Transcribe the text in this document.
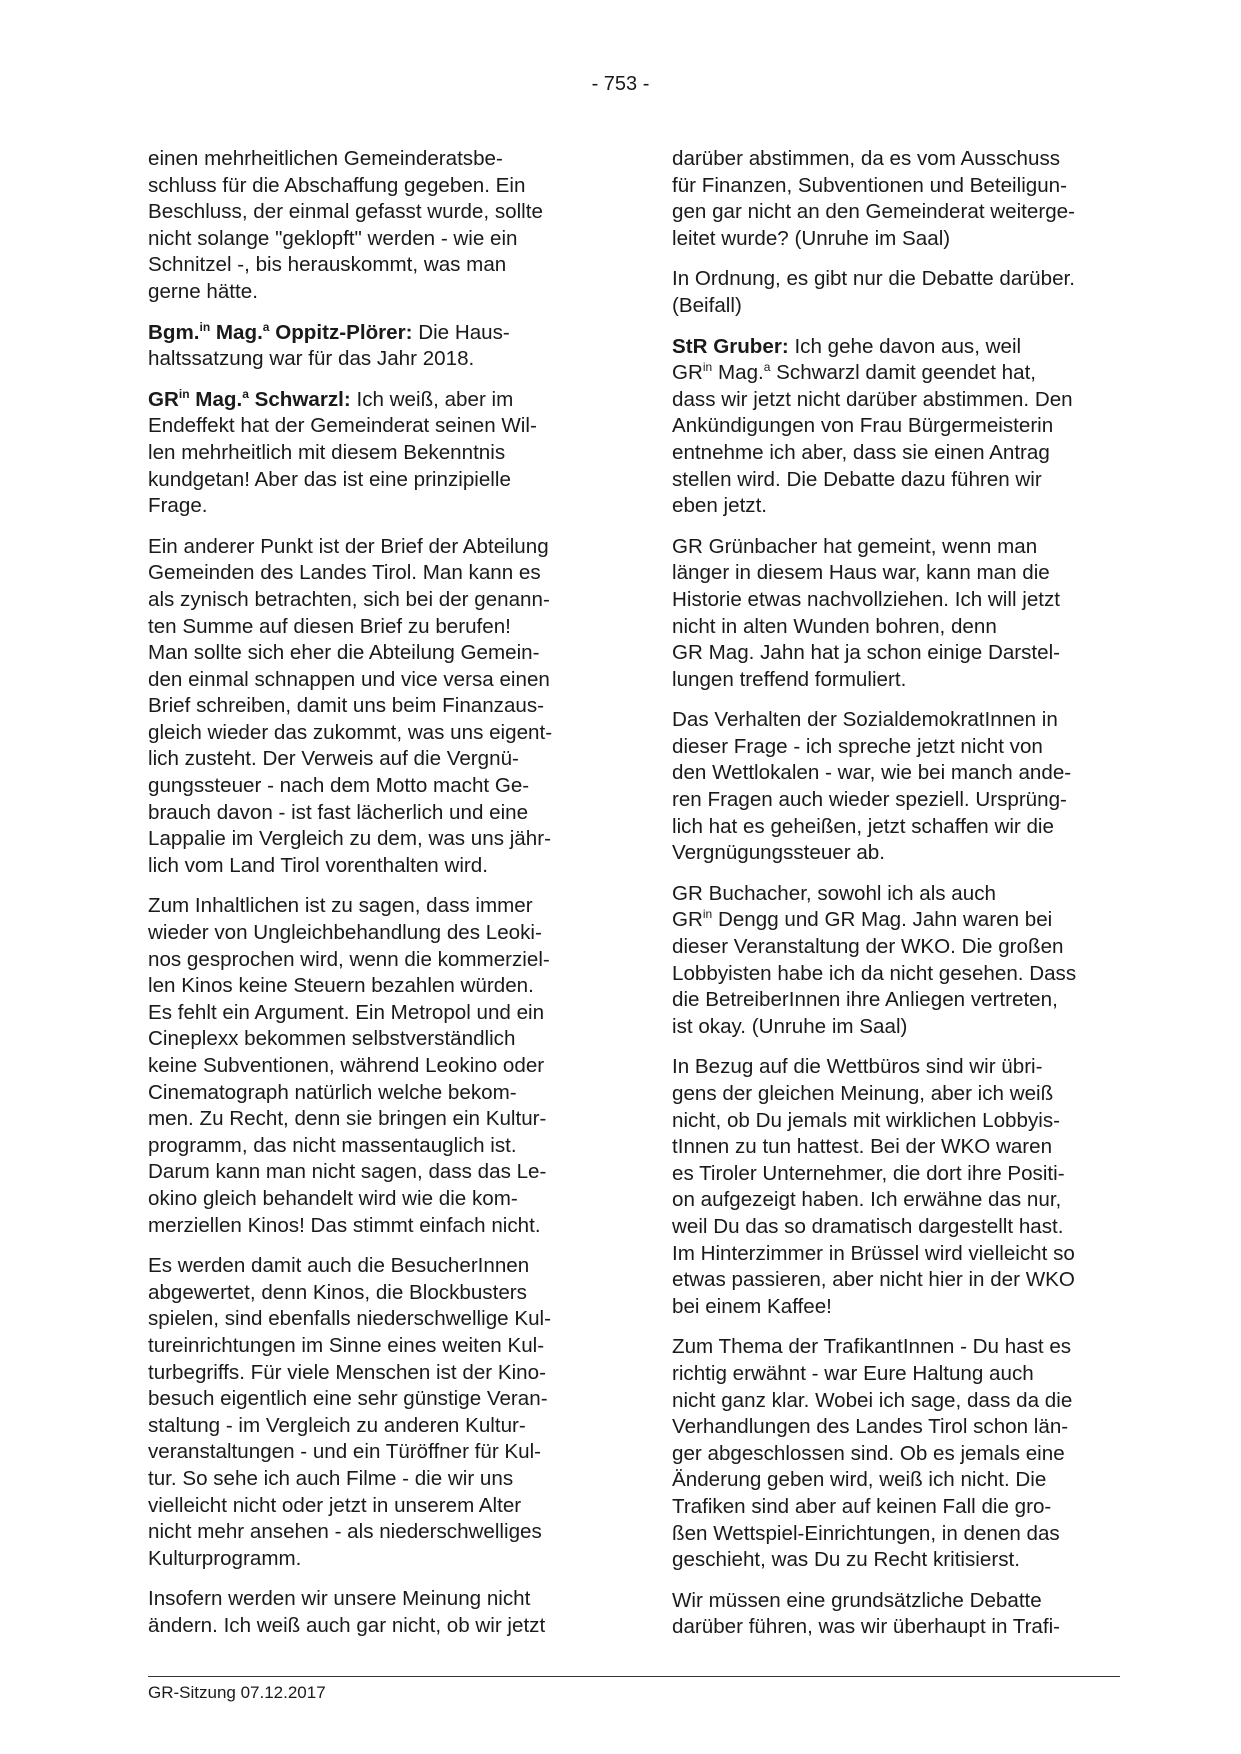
- 753 -

einen mehrheitlichen Gemeinderatsbe-
schluss für die Abschaffung gegeben. Ein
Beschluss, der einmal gefasst wurde, sollte
nicht solange "geklopft" werden - wie ein
Schnitzel -, bis herauskommt, was man
gerne hätte.

Bgm.$^{in}$ Mag.$^a$ Oppitz-Plörer: Die Haus-
haltssatzung war für das Jahr 2018.

$GR^{in}$ Mag.$^a$ Schwarzl: Ich weiß, aber im
Endeffekt hat der Gemeinderat seinen Wil-
len mehrheitlich mit diesem Bekenntnis
kundgetan! Aber das ist eine prinzipielle
Frage.

Ein anderer Punkt ist der Brief der Abteilung
Gemeinden des Landes Tirol. Man kann es
als zynisch betrachten, sich bei der genann-
ten Summe auf diesen Brief zu berufen!
Man sollte sich eher die Abteilung Gemein-
den einmal schnappen und vice versa einen
Brief schreiben, damit uns beim Finanzaus-
gleich wieder das zukommt, was uns eigent-
lich zusteht. Der Verweis auf die Vergnü-
gungssteuer - nach dem Motto macht Ge-
brauch davon - ist fast lächerlich und eine
Lappalie im Vergleich zu dem, was uns jähr-
lich vom Land Tirol vorenthalten wird.

Zum Inhaltlichen ist zu sagen, dass immer
wieder von Ungleichbehandlung des Leoki-
nos gesprochen wird, wenn die kommerziel-
len Kinos keine Steuern bezahlen würden.
Es fehlt ein Argument. Ein Metropol und ein
Cineplexx bekommen selbstverständlich
keine Subventionen, während Leokino oder
Cinematograph natürlich welche bekom-
men. Zu Recht, denn sie bringen ein Kultur-
programm, das nicht massentauglich ist.
Darum kann man nicht sagen, dass das Le-
okino gleich behandelt wird wie die kom-
merziellen Kinos! Das stimmt einfach nicht.

Es werden damit auch die BesucherInnen
abgewertet, denn Kinos, die Blockbusters
spielen, sind ebenfalls niederschwellige Kul-
tureinrichtungen im Sinne eines weiten Kul-
turbegriffs. Für viele Menschen ist der Kino-
besuch eigentlich eine sehr günstige Veran-
staltung - im Vergleich zu anderen Kultur-
veranstaltungen - und ein Türöffner für Kul-
tur. So sehe ich auch Filme - die wir uns
vielleicht nicht oder jetzt in unserem Alter
nicht mehr ansehen - als niederschwelliges
Kulturprogramm.

Insofern werden wir unsere Meinung nicht
ändern. Ich weiß auch gar nicht, ob wir jetzt

darüber abstimmen, da es vom Ausschuss
für Finanzen, Subventionen und Beteiligun-
gen gar nicht an den Gemeinderat weiterge-
leitet wurde? (Unruhe im Saal)

In Ordnung, es gibt nur die Debatte darüber.
(Beifall)

StR Gruber: Ich gehe davon aus, weil
$GR^{in}$ Mag.$^a$ Schwarzl damit geendet hat,
dass wir jetzt nicht darüber abstimmen. Den
Ankündigungen von Frau Bürgermeisterin
entnehme ich aber, dass sie einen Antrag
stellen wird. Die Debatte dazu führen wir
eben jetzt.

GR Grünbacher hat gemeint, wenn man
länger in diesem Haus war, kann man die
Historie etwas nachvollziehen. Ich will jetzt
nicht in alten Wunden bohren, denn
GR Mag. Jahn hat ja schon einige Darstel-
lungen treffend formuliert.

Das Verhalten der SozialdemokratInnen in
dieser Frage - ich spreche jetzt nicht von
den Wettlokalen - war, wie bei manch ande-
ren Fragen auch wieder speziell. Ursprüng-
lich hat es geheißen, jetzt schaffen wir die
Vergnügungssteuer ab.

GR Buchacher, sowohl ich als auch
$GR^{in}$ Dengg und GR Mag. Jahn waren bei
dieser Veranstaltung der WKO. Die großen
Lobbyisten habe ich da nicht gesehen. Dass
die BetreiberInnen ihre Anliegen vertreten,
ist okay. (Unruhe im Saal)

In Bezug auf die Wettbüros sind wir übri-
gens der gleichen Meinung, aber ich weiß
nicht, ob Du jemals mit wirklichen Lobbyis-
tInnen zu tun hattest. Bei der WKO waren
es Tiroler Unternehmer, die dort ihre Positi-
on aufgezeigt haben. Ich erwähne das nur,
weil Du das so dramatisch dargestellt hast.
Im Hinterzimmer in Brüssel wird vielleicht so
etwas passieren, aber nicht hier in der WKO
bei einem Kaffee!

Zum Thema der TrafikantInnen - Du hast es
richtig erwähnt - war Eure Haltung auch
nicht ganz klar. Wobei ich sage, dass da die
Verhandlungen des Landes Tirol schon län-
ger abgeschlossen sind. Ob es jemals eine
Änderung geben wird, weiß ich nicht. Die
Trafiken sind aber auf keinen Fall die gro-
ßen Wettspiel-Einrichtungen, in denen das
geschieht, was Du zu Recht kritisierst.

Wir müssen eine grundsätzliche Debatte
darüber führen, was wir überhaupt in Trafi-

GR-Sitzung 07.12.2017
